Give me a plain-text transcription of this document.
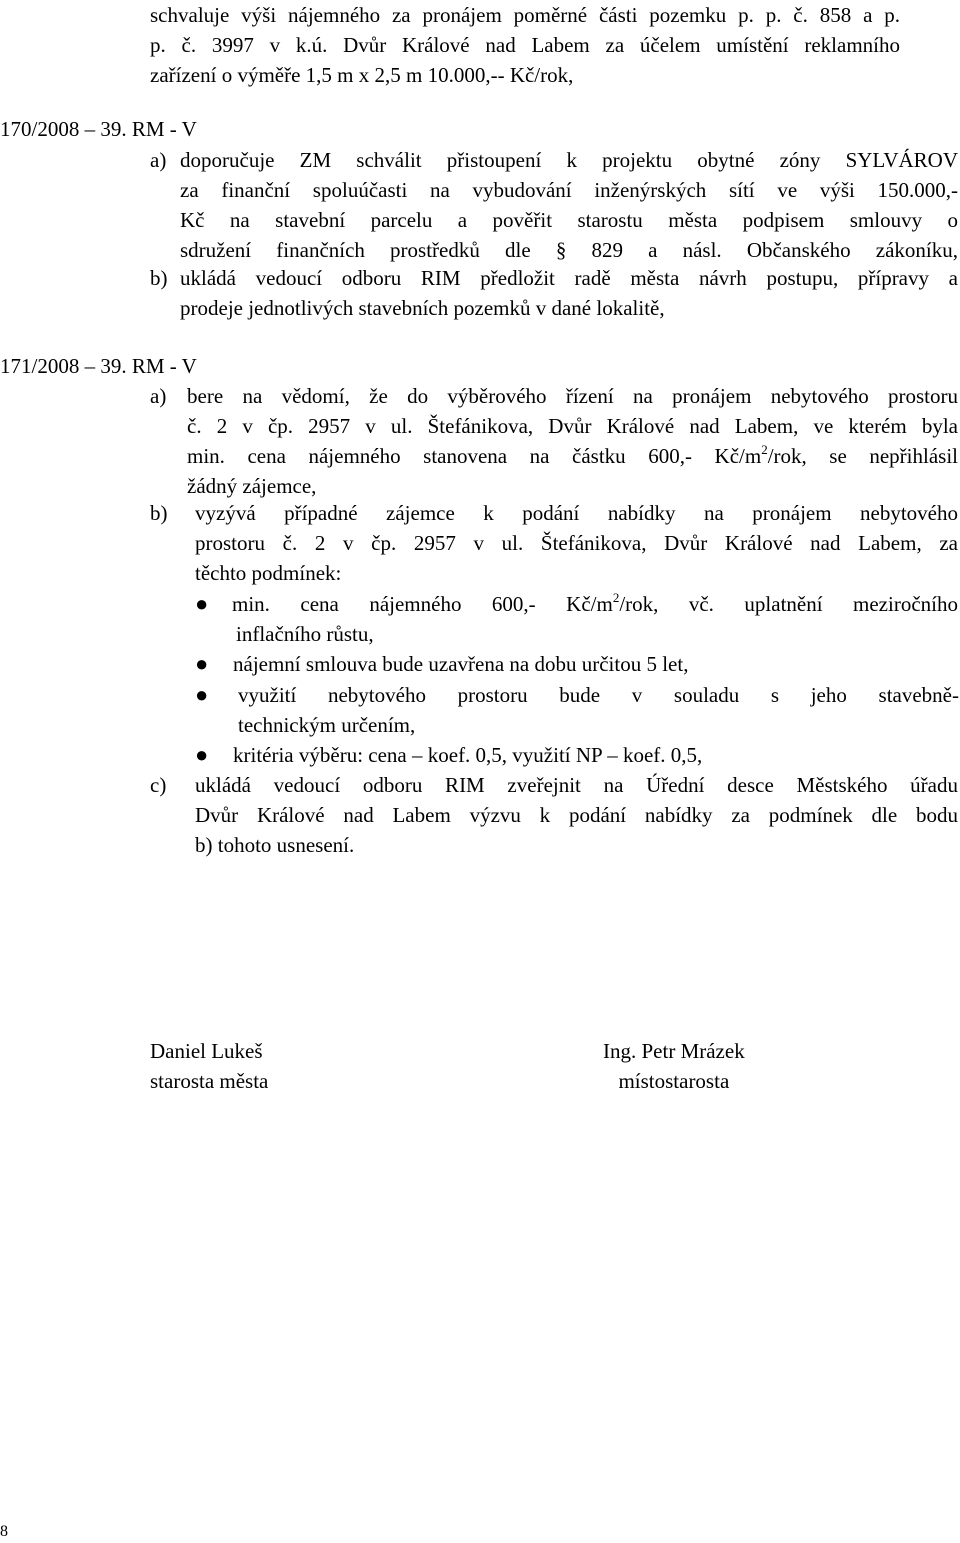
schvaluje výši nájemného za pronájem poměrné části pozemku p. p. č. 858 a p.
p. č. 3997 v k.ú. Dvůr Králové nad Labem za účelem umístění reklamního
zařízení o výměře 1,5 m x 2,5 m 10.000,-- Kč/rok,
170/2008 – 39. RM - V
a) doporučuje ZM schválit přistoupení k projektu obytné zóny SYLVÁROV
za finanční spoluúčasti na vybudování inženýrských sítí ve výši 150.000,-
Kč na stavební parcelu a pověřit starostu města podpisem smlouvy o
sdružení finančních prostředků dle § 829 a násl. Občanského zákoníku,
b) ukládá vedoucí odboru RIM předložit radě města návrh postupu, přípravy a
prodeje jednotlivých stavebních pozemků v dané lokalitě,
171/2008 – 39. RM - V
a) bere na vědomí, že do výběrového řízení na pronájem nebytového prostoru
č. 2 v čp. 2957 v ul. Štefánikova, Dvůr Králové nad Labem, ve kterém byla
min. cena nájemného stanovena na částku 600,- $Kč/m^2$/rok, se nepřihlásil
žádný zájemce,
b) vyzývá případné zájemce k podání nabídky na pronájem nebytového
prostoru č. 2 v čp. 2957 v ul. Štefánikova, Dvůr Králové nad Labem, za
těchto podmínek:
● min. cena nájemného 600,- $Kč/m^2$/rok, vč. uplatnění meziročního
inflačního růstu,
● nájemní smlouva bude uzavřena na dobu určitou 5 let,
● využití nebytového prostoru bude v souladu s jeho stavebně-
technickým určením,
● kritéria výběru: cena – koef. 0,5, využití NP – koef. 0,5,
c) ukládá vedoucí odboru RIM zveřejnit na Úřední desce Městského úřadu
Dvůr Králové nad Labem výzvu k podání nabídky za podmínek dle bodu
b) tohoto usnesení.
Daniel Lukeš
starosta města
Ing. Petr Mrázek
místostarosta
8
